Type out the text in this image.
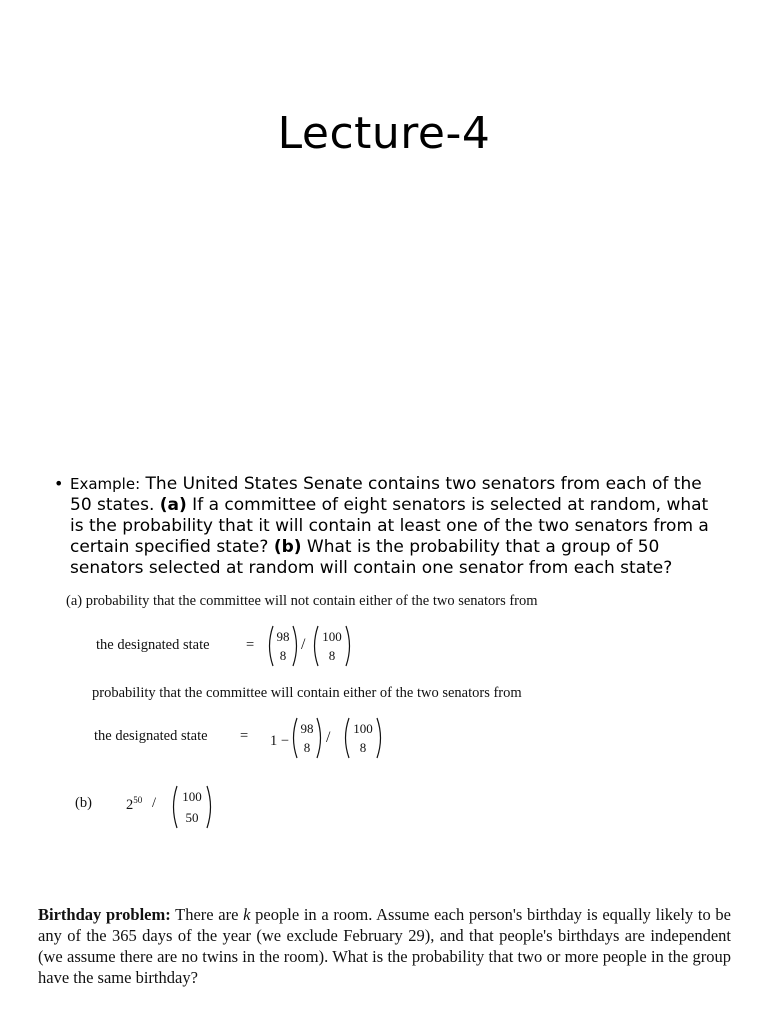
Lecture-4
• Example: The United States Senate contains two senators from each of the 50 states. (a) If a committee of eight senators is selected at random, what is the probability that it will contain at least one of the two senators from a certain specified state? (b) What is the probability that a group of 50 senators selected at random will contain one senator from each state?
(a) probability that the committee will not contain either of the two senators from
the designated state	=
98
8
/ 100
8
probability that the committee will contain either of the two senators from
the designated state = 1 −
98
8
/
100
8
(b) $2^{50} / 100$
50
Birthday problem: There are k people in a room. Assume each person's birthday is equally likely to be any of the 365 days of the year (we exclude February 29), and that people's birthdays are independent (we assume there are no twins in the room). What is the probability that two or more people in the group have the same birthday?
